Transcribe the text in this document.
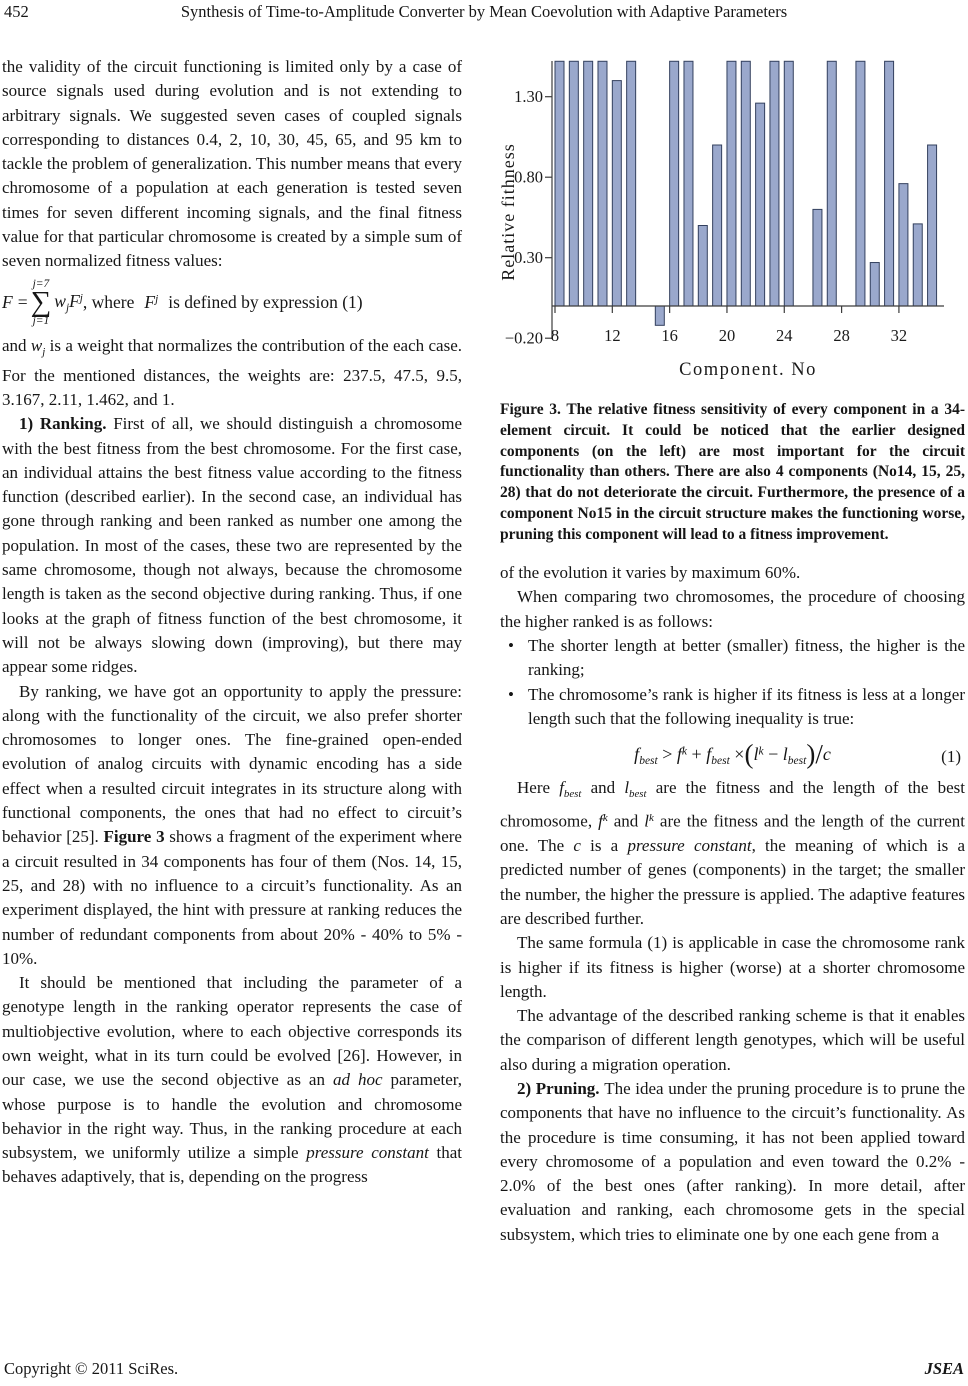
452	Synthesis of Time-to-Amplitude Converter by Mean Coevolution with Adaptive Parameters

the validity of the circuit functioning is limited only by a case of source signals used during evolution and is not extending to arbitrary signals. We suggested seven cases of coupled signals corresponding to distances 0.4, 2, 10, 30, 45, 65, and 95 km to tackle the problem of generalization. This number means that every chromosome of a population at each generation is tested seven times for seven different incoming signals, and the final fitness value for that particular chromosome is created by a simple sum of seven normalized fitness values:

F =
j=7
∑
j=1
$w_jF^j$ , where $F^j$ is defined by expression (1)

and $w_j$ is a weight that normalizes the contribution of the each case. For the mentioned distances, the weights are: 237.5, 47.5, 9.5, 3.167, 2.11, 1.462, and 1.

1) Ranking. First of all, we should distinguish a chromosome with the best fitness from the best chromosome. For the first case, an individual attains the best fitness value according to the fitness function (described earlier). In the second case, an individual has gone through ranking and been ranked as number one among the population. In most of the cases, these two are represented by the same chromosome, though not always, because the chromosome length is taken as the second objective during ranking. Thus, if one looks at the graph of fitness function of the best chromosome, it will not be always slowing down (improving), but there may appear some ridges.

By ranking, we have got an opportunity to apply the pressure: along with the functionality of the circuit, we also prefer shorter chromosomes to longer ones. The fine-grained open-ended evolution of analog circuits with dynamic encoding has a side effect when a resulted circuit integrates in its structure along with functional components, the ones that had no effect to circuit’s behavior [25]. Figure 3 shows a fragment of the experiment where a circuit resulted in 34 components has four of them (Nos. 14, 15, 25, and 28) with no influence to a circuit’s functionality. As an experiment displayed, the hint with pressure at ranking reduces the number of redundant components from about 20% - 40% to 5% - 10%.

It should be mentioned that including the parameter of a genotype length in the ranking operator represents the case of multiobjective evolution, where to each objective corresponds its own weight, what in its turn could be evolved [26]. However, in our case, we use the second objective as an ad hoc parameter, whose purpose is to handle the evolution and chromosome behavior in the right way. Thus, in the ranking procedure at each subsystem, we uniformly utilize a simple pressure constant that behaves adaptively, that is, depending on the progress

1.30
0.80
0.30
−0.20 8	12 16 20 24 28 32
Relative fithness
Component. No

Figure 3. The relative fitness sensitivity of every component in a 34-element circuit. It could be noticed that the earlier designed components (on the left) are most important for the circuit functionality than others. There are also 4 components (No14, 15, 25, 28) that do not deteriorate the circuit. Furthermore, the presence of a component No15 in the circuit structure makes the functioning worse, pruning this component will lead to a fitness improvement.

of the evolution it varies by maximum 60%.

When comparing two chromosomes, the procedure of choosing the higher ranked is as follows:

• The shorter length at better (smaller) fitness, the higher is the ranking;
• The chromosome’s rank is higher if its fitness is less at a longer length such that the following inequality is true:
$f_{best} > f^k + f_{best} \times(l^k - l_{best})/c$	(1)

Here $f_{best}$ and $l_{best}$ are the fitness and the length of the best chromosome, $f^k$ and $l^k$ are the fitness and the length of the current one. The c is a pressure constant, the meaning of which is a predicted number of genes (components) in the target; the smaller the number, the higher the pressure is applied. The adaptive features are described further.

The same formula (1) is applicable in case the chromosome rank is higher if its fitness is higher (worse) at a shorter chromosome length.

The advantage of the described ranking scheme is that it enables the comparison of different length genotypes, which will be useful also during a migration operation.

2) Pruning. The idea under the pruning procedure is to prune the components that have no influence to the circuit’s functionality. As the procedure is time consuming, it has not been applied toward every chromosome of a population and even toward the 0.2% - 2.0% of the best ones (after ranking). In more detail, after evaluation and ranking, each chromosome gets in the special subsystem, which tries to eliminate one by one each gene from a

Copyright © 2011 SciRes.	JSEA
